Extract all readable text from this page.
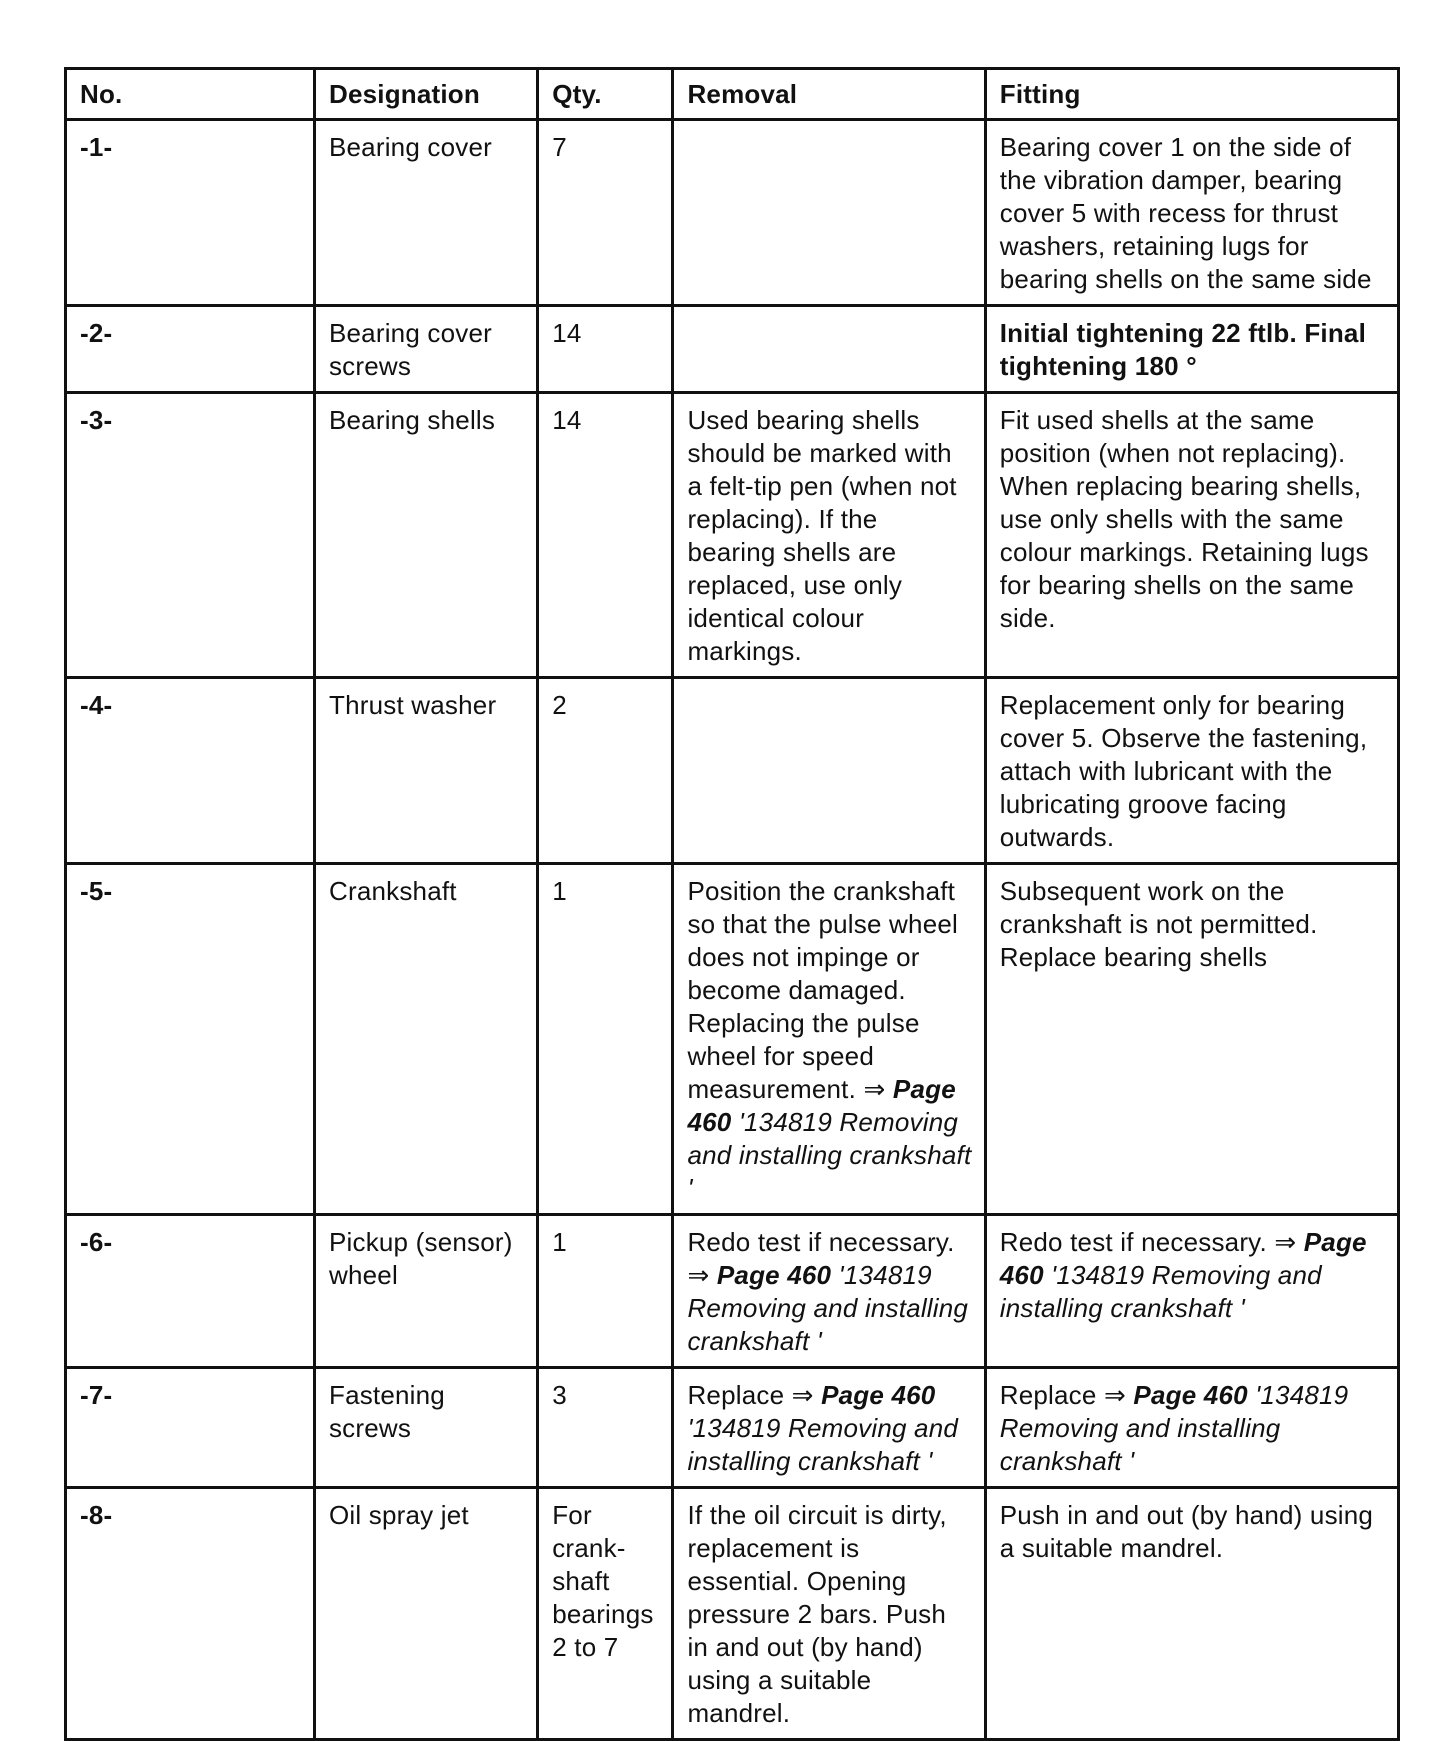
No.	Designation	Qty.	Removal	Fitting
-1-	Bearing cover	7		Bearing cover 1 on the side of the vibration damper, bearing cover 5 with recess for thrust washers, retaining lugs for bearing shells on the same side
-2-	Bearing cover screws	14		Initial tightening 22 ftlb. Final tightening 180 °
-3-	Bearing shells	14	Used bearing shells should be marked with a felt-tip pen (when not replacing). If the bearing shells are replaced, use only identical colour markings.	Fit used shells at the same position (when not replacing). When replacing bearing shells, use only shells with the same colour markings. Retaining lugs for bearing shells on the same side.
-4-	Thrust washer	2		Replacement only for bearing cover 5. Observe the fastening, attach with lubricant with the lubricating groove facing outwards.
-5-	Crankshaft	1	Position the crankshaft so that the pulse wheel does not impinge or become damaged. Replacing the pulse wheel for speed measurement. ⇒ Page 460 '134819 Removing and installing crankshaft '	Subsequent work on the crankshaft is not permitted. Replace bearing shells
-6-	Pickup (sensor) wheel	1	Redo test if necessary. ⇒ Page 460 '134819 Removing and installing crankshaft '	Redo test if necessary. ⇒ Page 460 '134819 Removing and installing crankshaft '
-7-	Fastening screws	3	Replace ⇒ Page 460 '134819 Removing and installing crankshaft '	Replace ⇒ Page 460 '134819 Removing and installing crankshaft '
-8-	Oil spray jet	For crank-shaft bearings 2 to 7	If the oil circuit is dirty, replacement is essential. Opening pressure 2 bars. Push in and out (by hand) using a suitable mandrel.	Push in and out (by hand) using a suitable mandrel.
